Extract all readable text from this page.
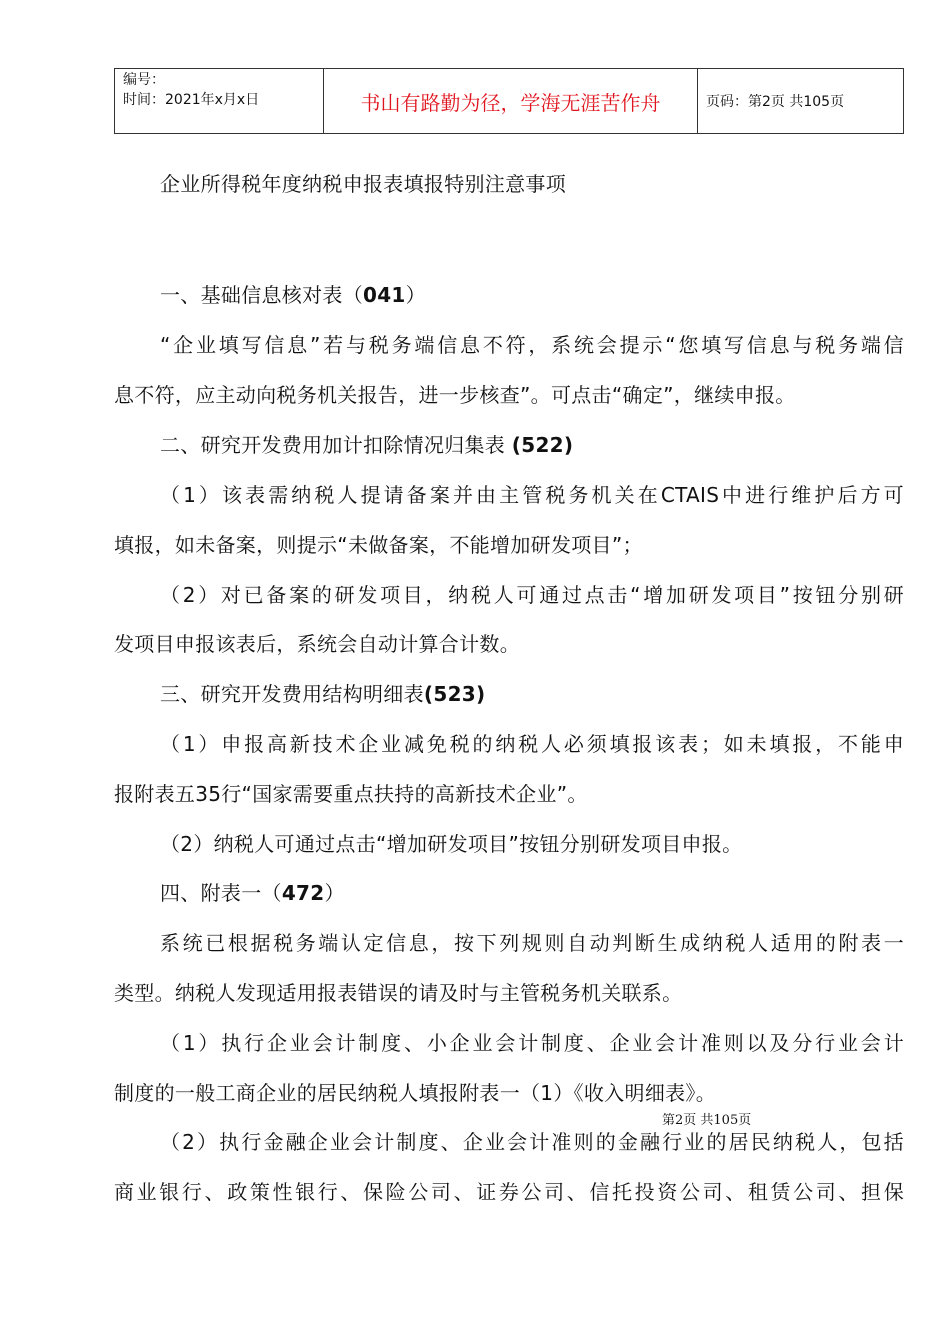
编号：
时间：2021年x月x日	书山有路勤为径，学海无涯苦作舟	页码：第2页 共105页
企业所得税年度纳税申报表填报特别注意事项
一、基础信息核对表（041）
“企业填写信息”若与税务端信息不符，系统会提示“您填写信息与税务端信
息不符，应主动向税务机关报告，进一步核查”。可点击“确定”，继续申报。
二、研究开发费用加计扣除情况归集表 (522)
（1）该表需纳税人提请备案并由主管税务机关在CTAIS中进行维护后方可
填报，如未备案，则提示“未做备案，不能增加研发项目”；
（2）对已备案的研发项目，纳税人可通过点击“增加研发项目”按钮分别研
发项目申报该表后，系统会自动计算合计数。
三、研究开发费用结构明细表(523)
（1）申报高新技术企业减免税的纳税人必须填报该表；如未填报，不能申
报附表五35行“国家需要重点扶持的高新技术企业”。
（2）纳税人可通过点击“增加研发项目”按钮分别研发项目申报。
四、附表一（472）
系统已根据税务端认定信息，按下列规则自动判断生成纳税人适用的附表一
类型。纳税人发现适用报表错误的请及时与主管税务机关联系。
（1）执行企业会计制度、小企业会计制度、企业会计准则以及分行业会计
制度的一般工商企业的居民纳税人填报附表一（1）《收入明细表》。
第2页 共105页
（2）执行金融企业会计制度、企业会计准则的金融行业的居民纳税人，包括
商业银行、政策性银行、保险公司、证券公司、信托投资公司、租赁公司、担保
